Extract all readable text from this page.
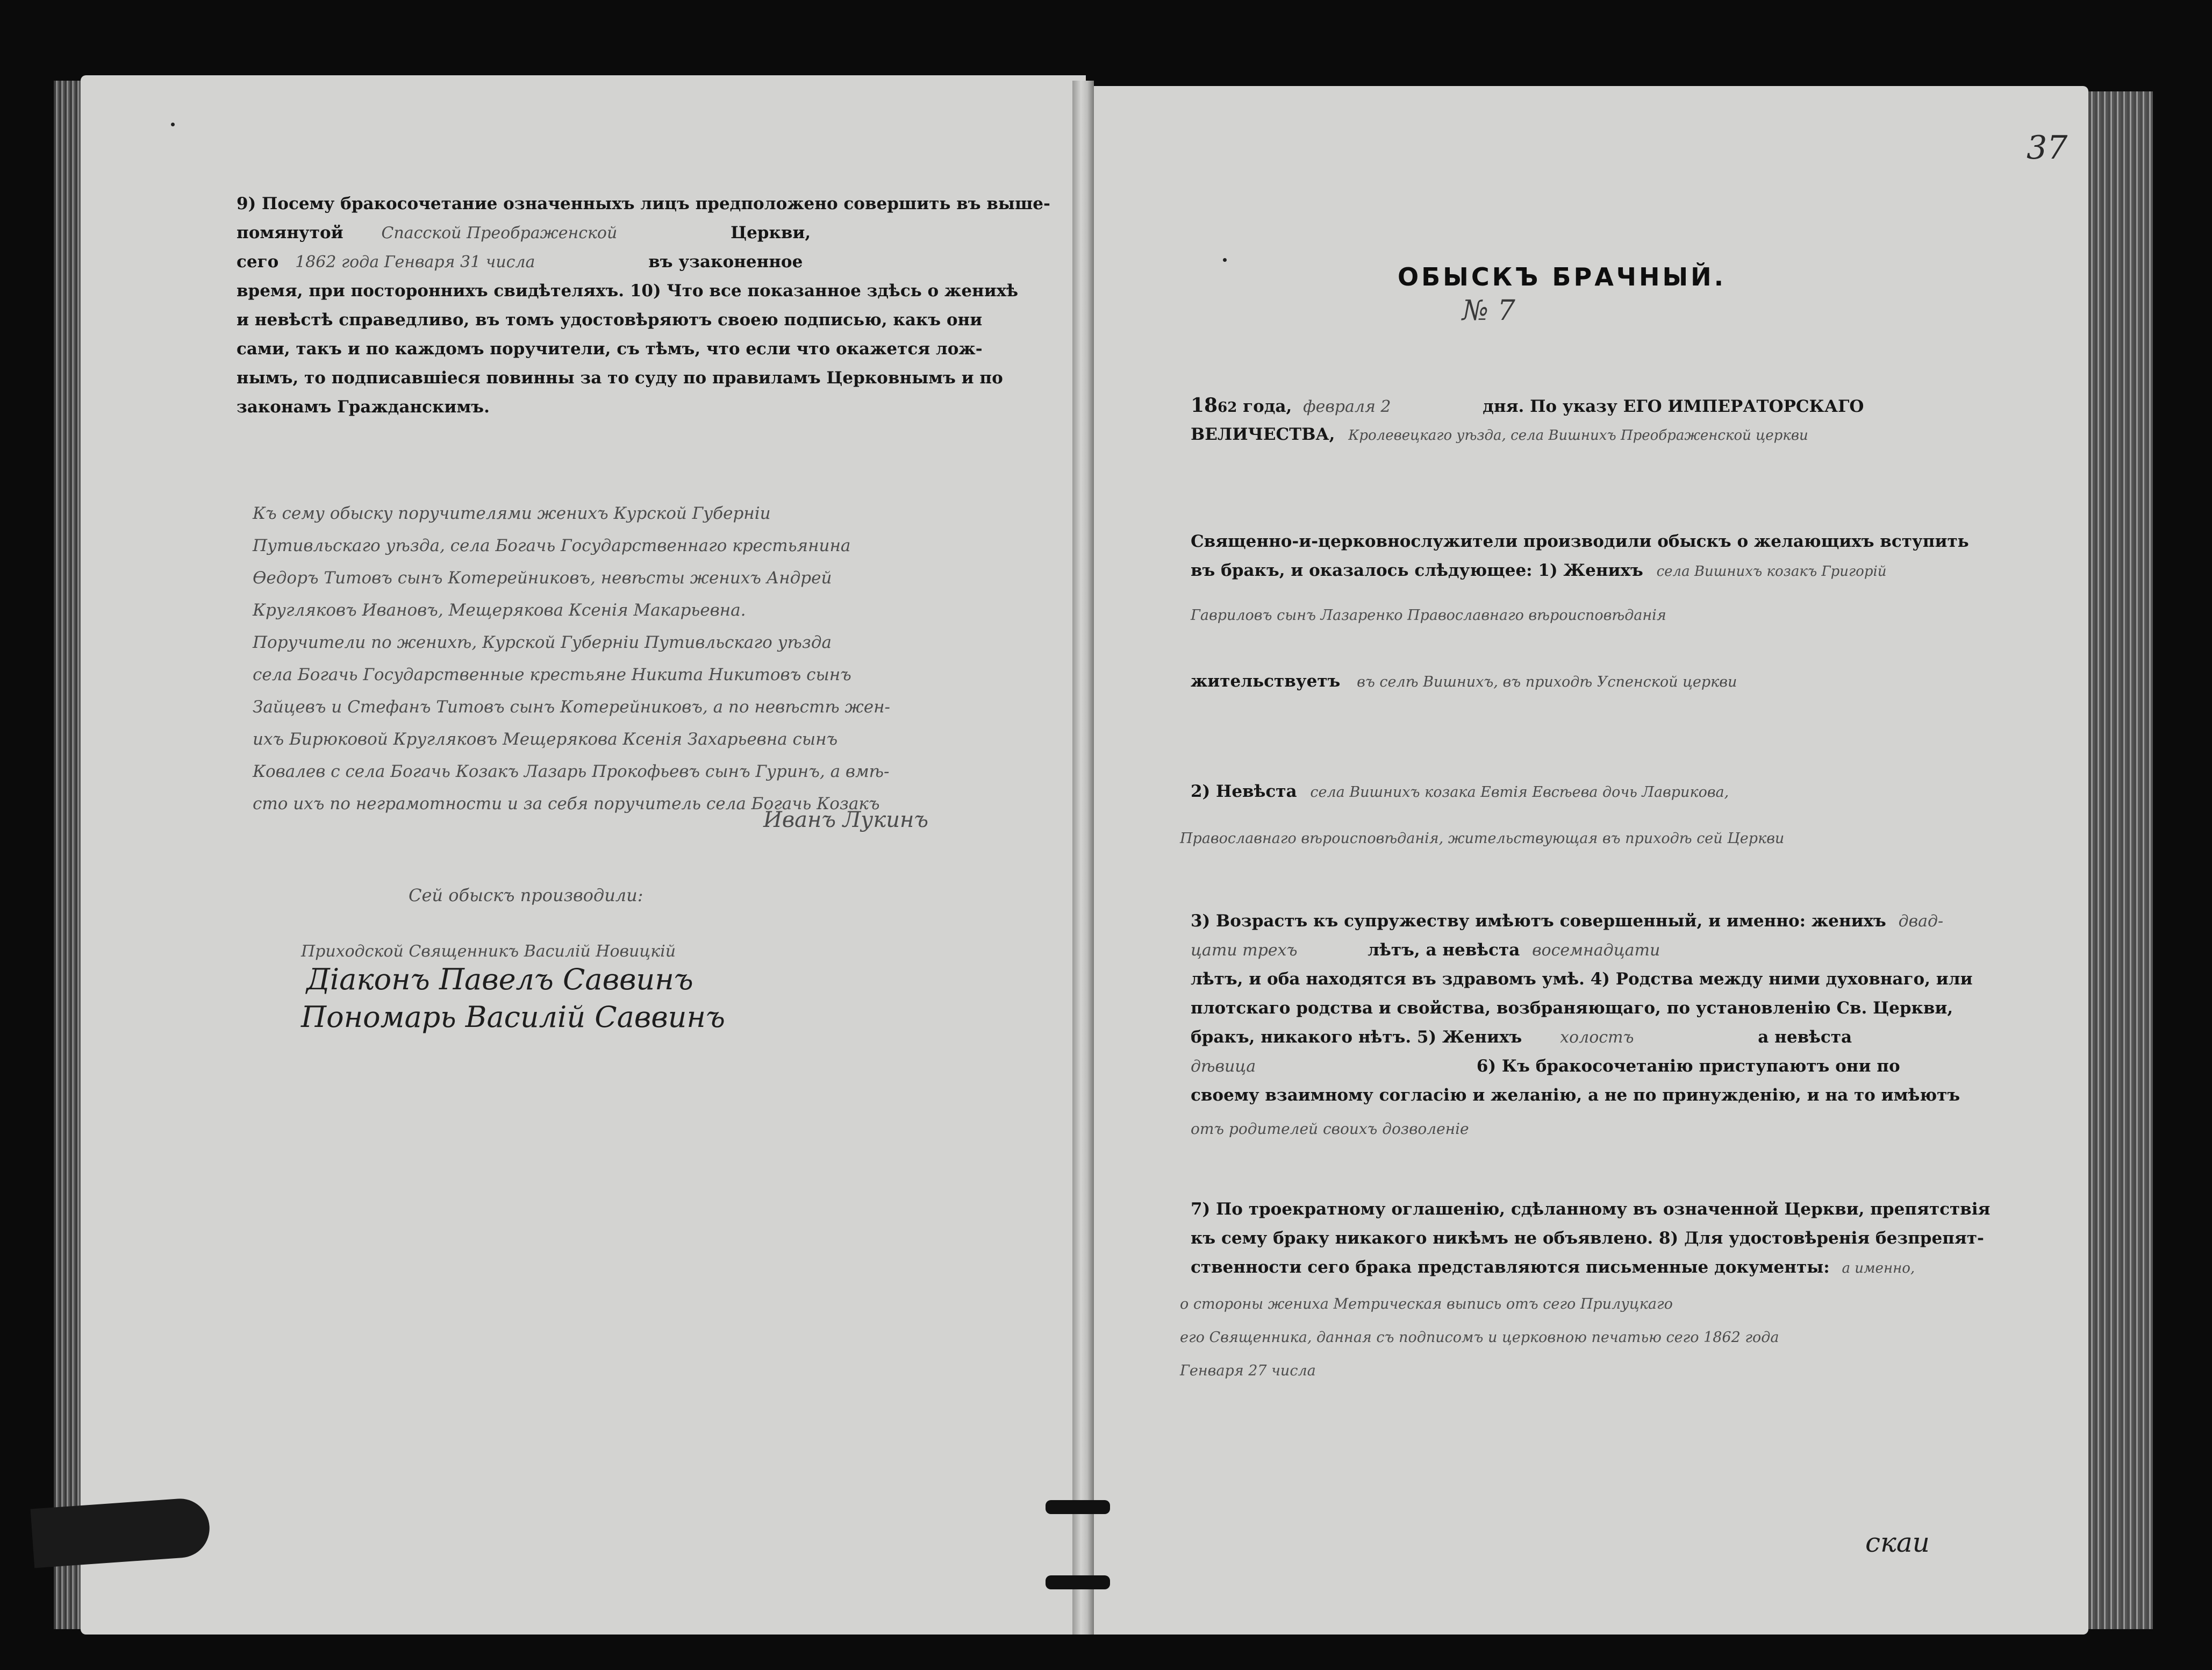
9) Посему бракосочетание означенныхъ лицъ предположено совершить въ выше-
помянутой Спасской Преображенской	Церкви,
сего 1862 года Генваря 31 числа	въ узаконенное
время, при постороннихъ свидѣтеляхъ. 10) Что все показанное здѣсь о женихѣ
и невѣстѣ справедливо, въ томъ удостовѣряютъ своею подписью, какъ они
сами, такъ и по каждомъ поручители, съ тѣмъ, что если что окажется лож-
нымъ, то подписавшіеся повинны за то суду по правиламъ Церковнымъ и по
законамъ Гражданскимъ.
Къ сему обыску поручителями женихъ Курской Губерніи
Путивльскаго уѣзда, села Богачь Государственнаго крестьянина
Өедоръ Титовъ сынъ Котерейниковъ, невѣсты женихъ Андрей
Кругляковъ Ивановъ, Мещерякова Ксенія Макарьевна.
Поручители по женихѣ, Курской Губерніи Путивльскаго уѣзда
села Богачь Государственные крестьяне Никита Никитовъ сынъ
Зайцевъ и Стефанъ Титовъ сынъ Котерейниковъ, а по невѣстѣ жен-
ихъ Бирюковой Кругляковъ Мещерякова Ксенія Захарьевна сынъ
Ковалев с села Богачь Козакъ Лазарь Прокофьевъ сынъ Гуринъ, а вмѣ-
сто ихъ по неграмотности и за себя поручитель села Богачь Козакъ
Иванъ Лукинъ
Сей обыскъ производили:
Приходской Священникъ Василій Новицкій
Діаконъ Павелъ Саввинъ
Пономарь Василій Саввинъ
37
ОБЫСКЪ БРАЧНЫЙ.
№ 7
1862 года, февраля 2	дня. По указу ЕГО ИМПЕРАТОРСКАГО
ВЕЛИЧЕСТВА, Кролевецкаго уѣзда, села Вишнихъ Преображенской церкви
Священно-и-церковнослужители производили обыскъ о желающихъ вступить
въ бракъ, и оказалось слѣдующее: 1) Женихъ села Вишнихъ козакъ Григорій
Гавриловъ сынъ Лазаренко Православнаго вѣроисповѣданія
жительствуетъ въ селѣ Вишнихъ, въ приходѣ Успенской церкви
2) Невѣста села Вишнихъ козака Евтія Евсѣева дочь Лаврикова,
Православнаго вѣроисповѣданія, жительствующая въ приходѣ сей Церкви
3) Возрастъ къ супружеству имѣютъ совершенный, и именно: женихъ двад-
цати трехъ	лѣтъ, а невѣста восемнадцати
лѣтъ, и оба находятся въ здравомъ умѣ. 4) Родства между ними духовнаго, или
плотскаго родства и свойства, возбраняющаго, по установленію Св. Церкви,
бракъ, никакого нѣтъ. 5) Женихъ холостъ	а невѣста
дѣвица	6) Къ бракосочетанію приступаютъ они по
своему взаимному согласію и желанію, а не по принужденію, и на то имѣютъ
отъ родителей своихъ дозволеніе
7) По троекратному оглашенію, сдѣланному въ означенной Церкви, препятствія
къ сему браку никакого никѣмъ не объявлено. 8) Для удостовѣренія безпрепят-
ственности сего брака представляются письменные документы: а именно,
о стороны жениха Метрическая выпись отъ сего Прилуцкаго
его Священника, данная съ подписомъ и церковною печатью сего 1862 года
Генваря 27 числа
скаи
